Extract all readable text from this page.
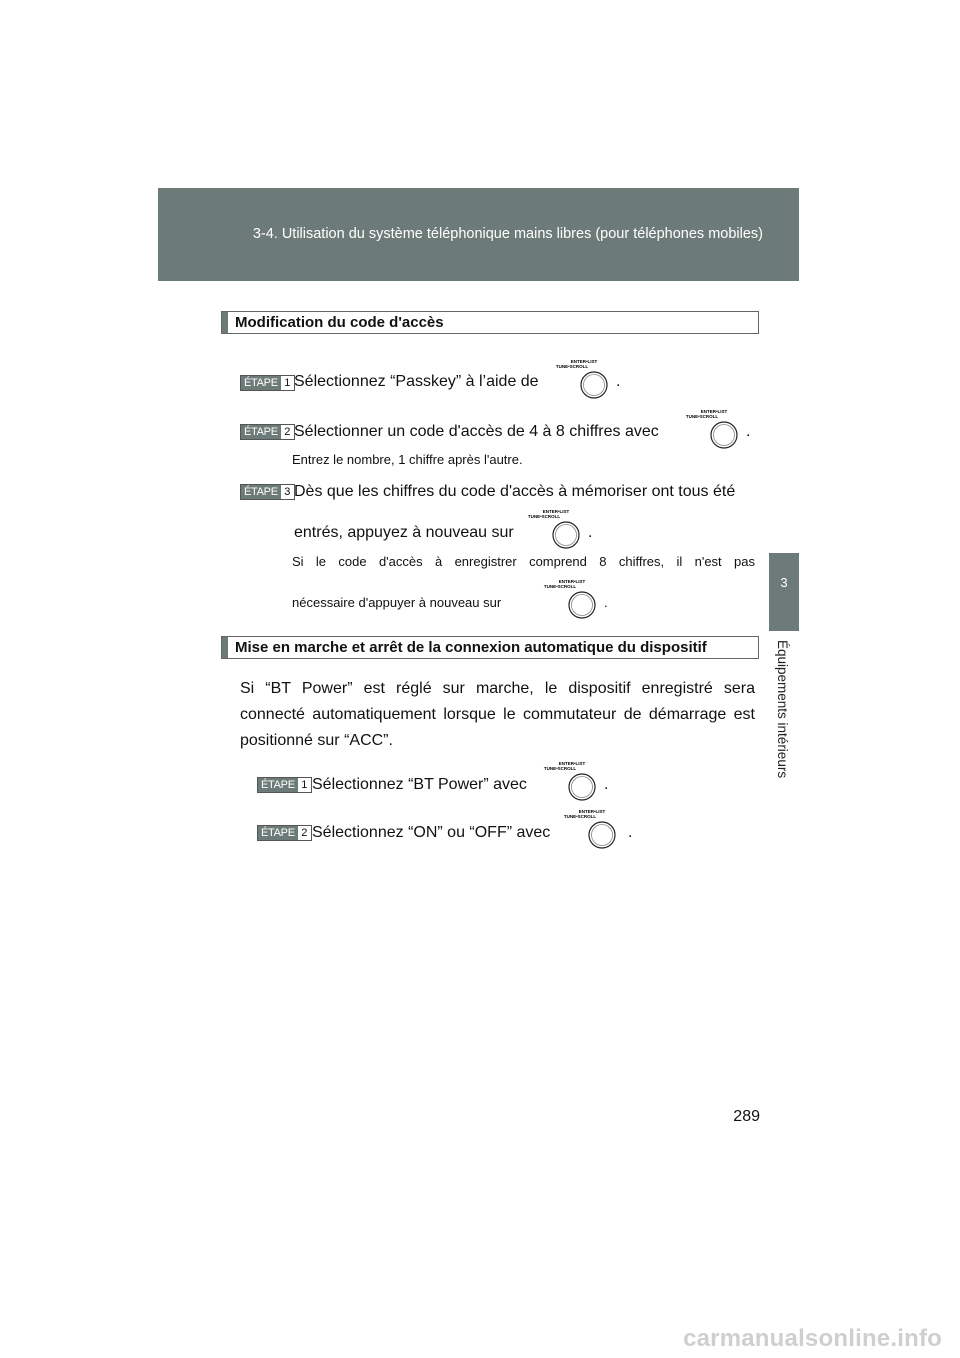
3-4. Utilisation du système téléphonique mains libres (pour téléphones mobiles)
3
Équipements intérieurs
Modification du code d'accès
ÉTAPE 1 Sélectionnez “Passkey” à l’aide de
ENTER•LIST
TUNE•SCROLL
.
ÉTAPE 2 Sélectionner un code d'accès de 4 à 8 chiffres avec
ENTER•LIST
TUNE•SCROLL
.
Entrez le nombre, 1 chiffre après l'autre.
ÉTAPE 3 Dès que les chiffres du code d'accès à mémoriser ont tous été
entrés, appuyez à nouveau sur
ENTER•LIST
TUNE•SCROLL
.
Si le code d'accès à enregistrer comprend 8 chiffres, il n'est pas
nécessaire d'appuyer à nouveau sur
ENTER•LIST
TUNE•SCROLL
.
Mise en marche et arrêt de la connexion automatique du dispositif
Si “BT Power” est réglé sur marche, le dispositif enregistré sera connecté automatiquement lorsque le commutateur de démarrage est positionné sur “ACC”.
ÉTAPE 1 Sélectionnez “BT Power” avec
ENTER•LIST
TUNE•SCROLL
.
ÉTAPE 2 Sélectionnez “ON” ou “OFF” avec
ENTER•LIST
TUNE•SCROLL
.
289
carmanualsonline.info
